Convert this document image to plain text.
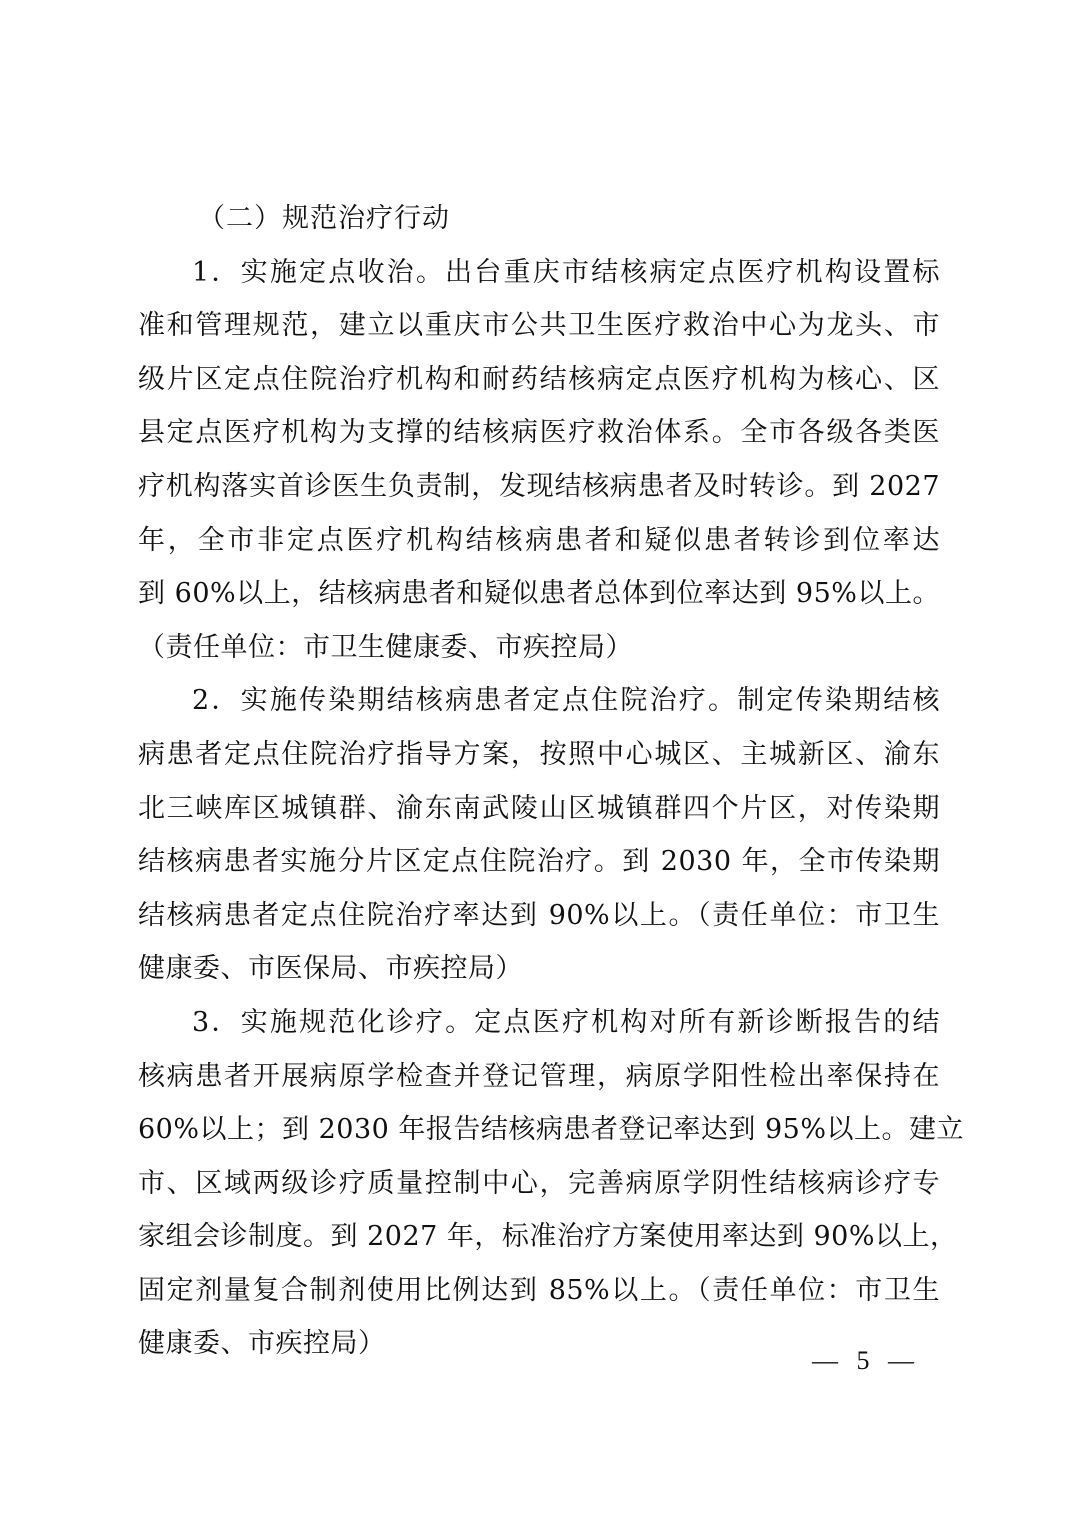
（二）规范治疗行动

1．实施定点收治。出台重庆市结核病定点医疗机构设置标
准和管理规范，建立以重庆市公共卫生医疗救治中心为龙头、市
级片区定点住院治疗机构和耐药结核病定点医疗机构为核心、区
县定点医疗机构为支撑的结核病医疗救治体系。全市各级各类医
疗机构落实首诊医生负责制，发现结核病患者及时转诊。到 2027
年，全市非定点医疗机构结核病患者和疑似患者转诊到位率达
到 60%以上，结核病患者和疑似患者总体到位率达到 95%以上。
（责任单位：市卫生健康委、市疾控局）
2．实施传染期结核病患者定点住院治疗。制定传染期结核
病患者定点住院治疗指导方案，按照中心城区、主城新区、渝东
北三峡库区城镇群、渝东南武陵山区城镇群四个片区，对传染期
结核病患者实施分片区定点住院治疗。到 2030 年，全市传染期
结核病患者定点住院治疗率达到 90%以上。（责任单位：市卫生
健康委、市医保局、市疾控局）
3．实施规范化诊疗。定点医疗机构对所有新诊断报告的结
核病患者开展病原学检查并登记管理，病原学阳性检出率保持在
60%以上；到 2030 年报告结核病患者登记率达到 95%以上。建立
市、区域两级诊疗质量控制中心，完善病原学阴性结核病诊疗专
家组会诊制度。到 2027 年，标准治疗方案使用率达到 90%以上，
固定剂量复合制剂使用比例达到 85%以上。（责任单位：市卫生
健康委、市疾控局）
— 5 —
